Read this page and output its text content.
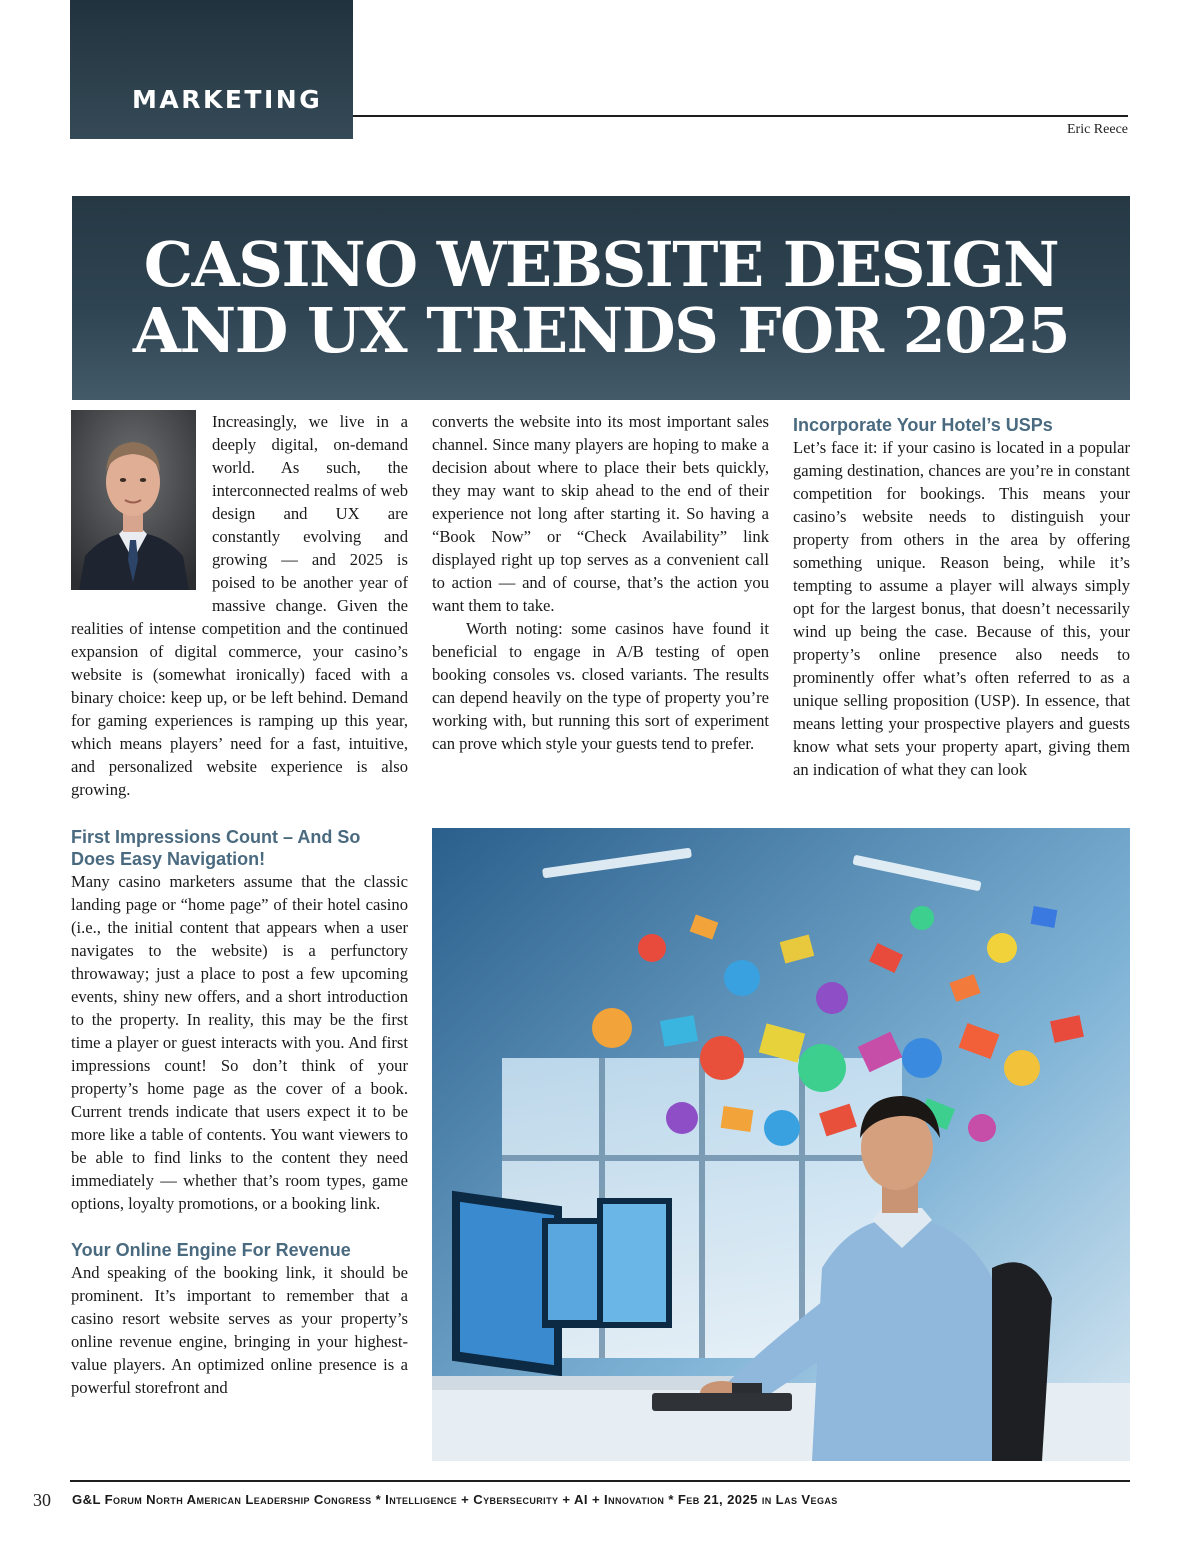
MARKETING
Eric Reece
CASINO WEBSITE DESIGN
AND UX TRENDS FOR 2025

Increasingly, we live in a deeply digital, on-demand world. As such, the interconnected realms of web design and UX are constantly evolving and growing — and 2025 is poised to be another year of massive change. Given the realities of intense competition and the continued expansion of digital commerce, your casino’s website is (somewhat ironically) faced with a binary choice: keep up, or be left behind. Demand for gaming experiences is ramping up this year, which means players’ need for a fast, intuitive, and personalized website experience is also growing.

First Impressions Count – And So Does Easy Navigation!

Many casino marketers assume that the classic landing page or “home page” of their hotel casino (i.e., the initial content that appears when a user navigates to the website) is a perfunctory throwaway; just a place to post a few upcoming events, shiny new offers, and a short introduction to the property. In reality, this may be the first time a player or guest interacts with you. And first impressions count! So don’t think of your property’s home page as the cover of a book. Current trends indicate that users expect it to be more like a table of contents. You want viewers to be able to find links to the content they need immediately — whether that’s room types, game options, loyalty promotions, or a booking link.

Your Online Engine For Revenue

And speaking of the booking link, it should be prominent. It’s important to remember that a casino resort website serves as your property’s online revenue engine, bringing in your highest-value players. An optimized online presence is a powerful storefront and

converts the website into its most important sales channel. Since many players are hoping to make a decision about where to place their bets quickly, they may want to skip ahead to the end of their experience not long after starting it. So having a “Book Now” or “Check Availability” link displayed right up top serves as a convenient call to action — and of course, that’s the action you want them to take.

Worth noting: some casinos have found it beneficial to engage in A/B testing of open booking consoles vs. closed variants. The results can depend heavily on the type of property you’re working with, but running this sort of experiment can prove which style your guests tend to prefer.

Incorporate Your Hotel’s USPs

Let’s face it: if your casino is located in a popular gaming destination, chances are you’re in constant competition for bookings. This means your casino’s website needs to distinguish your property from others in the area by offering something unique. Reason being, while it’s tempting to assume a player will always simply opt for the largest bonus, that doesn’t necessarily wind up being the case. Because of this, your property’s online presence also needs to prominently offer what’s often referred to as a unique selling proposition (USP). In essence, that means letting your prospective players and guests know what sets your property apart, giving them an indication of what they can look

30 G&L Forum North American Leadership Congress * Intelligence + Cybersecurity + AI + Innovation * Feb 21, 2025 in Las Vegas
